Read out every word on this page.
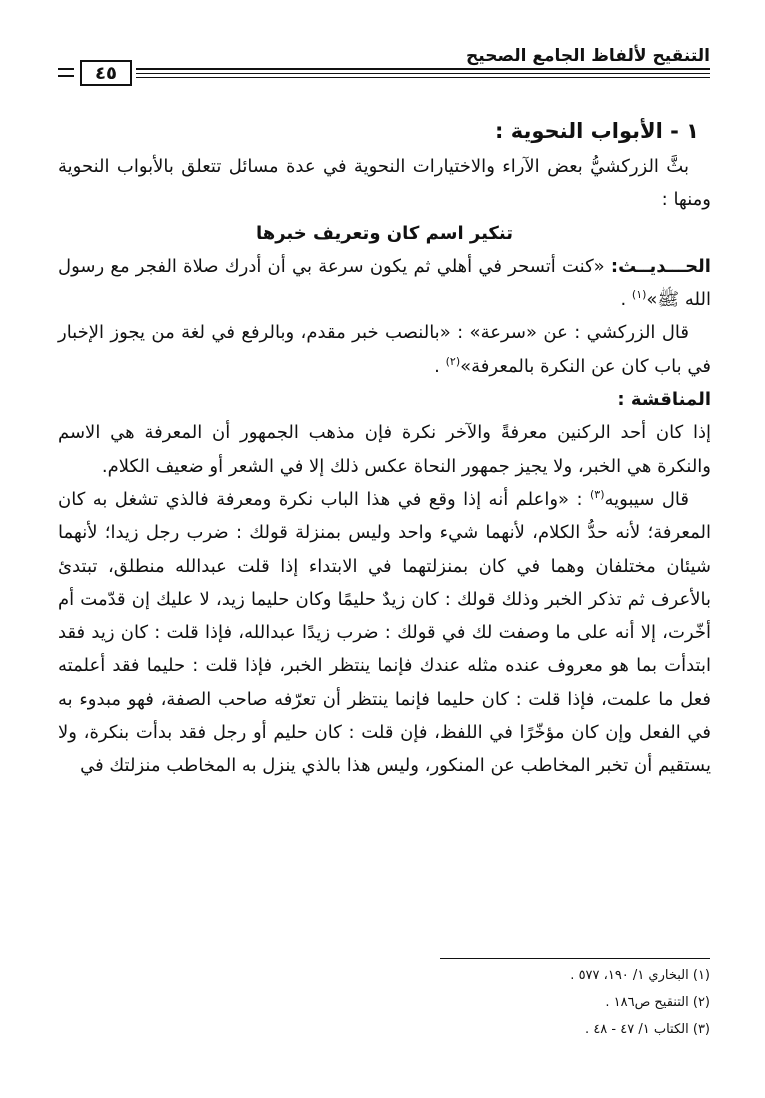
التنقيح لألفاظ الجامع الصحيح
٤٥

١ - الأبواب النحوية :

بثَّ الزركشيُّ بعض الآراء والاختيارات النحوية في عدة مسائل تتعلق بالأبواب النحوية ومنها :

تنكير اسم كان وتعريف خبرها

الحـــديــث: «كنت أتسحر في أهلي ثم يكون سرعة بي أن أدرك صلاة الفجر مع رسول الله ﷺ»$^{(١)}$ .

قال الزركشي : عن «سرعة» : «بالنصب خبر مقدم، وبالرفع في لغة من يجوز الإخبار في باب كان عن النكرة بالمعرفة»$^{(٢)}$ .

المناقشة :

إذا كان أحد الركنين معرفةً والآخر نكرة فإن مذهب الجمهور أن المعرفة هي الاسم والنكرة هي الخبر، ولا يجيز جمهور النحاة عكس ذلك إلا في الشعر أو ضعيف الكلام.

قال سيبويه$^{(٣)}$ : «واعلم أنه إذا وقع في هذا الباب نكرة ومعرفة فالذي تشغل به كان المعرفة؛ لأنه حدُّ الكلام، لأنهما شيء واحد وليس بمنزلة قولك : ضرب رجل زيدا؛ لأنهما شيئان مختلفان وهما في كان بمنزلتهما في الابتداء إذا قلت عبدالله منطلق، تبتدئ بالأعرف ثم تذكر الخبر وذلك قولك : كان زيدٌ حليمًا وكان حليما زيد، لا عليك إن قدّمت أم أخّرت، إلا أنه على ما وصفت لك في قولك : ضرب زيدًا عبدالله، فإذا قلت : كان زيد فقد ابتدأت بما هو معروف عنده مثله عندك فإنما ينتظر الخبر، فإذا قلت : حليما فقد أعلمته فعل ما علمت، فإذا قلت : كان حليما فإنما ينتظر أن تعرّفه صاحب الصفة، فهو مبدوء به في الفعل وإن كان مؤخّرًا في اللفظ، فإن قلت : كان حليم أو رجل فقد بدأت بنكرة، ولا يستقيم أن تخبر المخاطب عن المنكور، وليس هذا بالذي ينزل به المخاطب منزلتك في

(١) البخاري ١/ ١٩٠، ٥٧٧ .

(٢) التنقيح ص١٨٦ .

(٣) الكتاب ١/ ٤٧ - ٤٨ .
